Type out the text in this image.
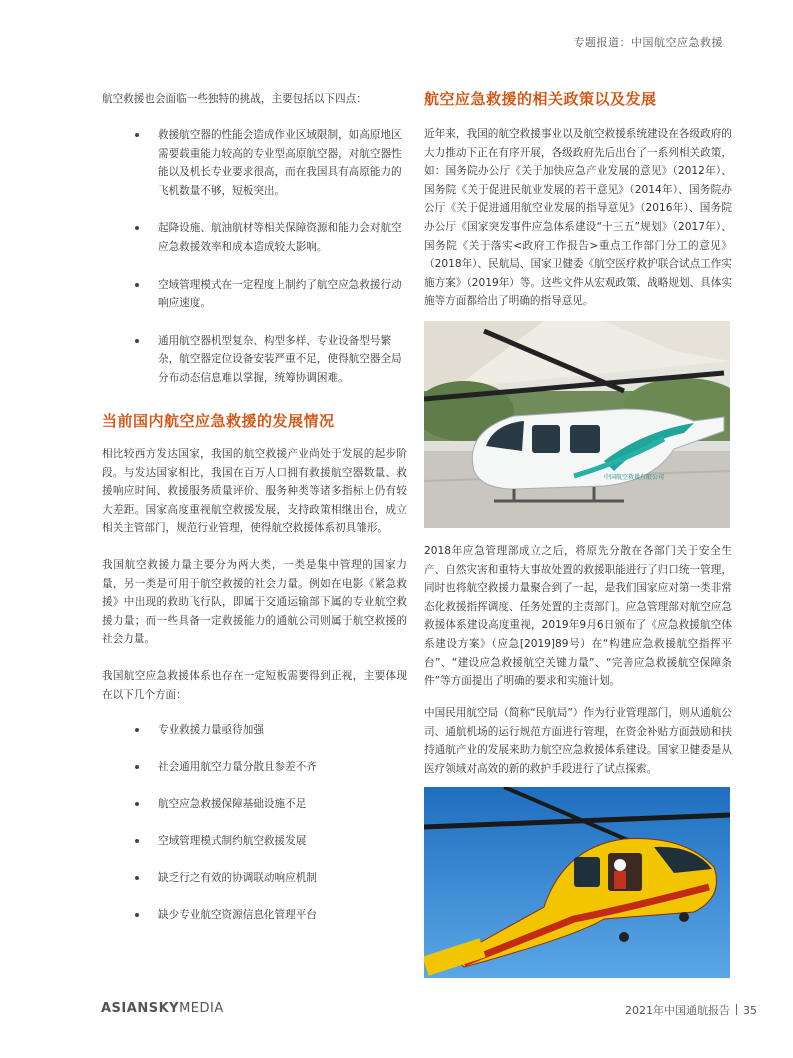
专题报道：中国航空应急救援

航空救援也会面临一些独特的挑战，主要包括以下四点：

救援航空器的性能会造成作业区域限制，如高原地区需要载重能力较高的专业型高原航空器，对航空器性能以及机长专业要求很高，而在我国具有高原能力的飞机数量不够，短板突出。
起降设施、航油航材等相关保障资源和能力会对航空应急救援效率和成本造成较大影响。
空域管理模式在一定程度上制约了航空应急救援行动响应速度。
通用航空器机型复杂、构型多样、专业设备型号繁杂，航空器定位设备安装严重不足，使得航空器全局分布动态信息难以掌握，统筹协调困难。
当前国内航空应急救援的发展情况

相比较西方发达国家，我国的航空救援产业尚处于发展的起步阶段。与发达国家相比，我国在百万人口拥有救援航空器数量、救援响应时间、救援服务质量评价、服务种类等诸多指标上仍有较大差距。国家高度重视航空救援发展，支持政策相继出台，成立相关主管部门，规范行业管理，使得航空救援体系初具雏形。

我国航空救援力量主要分为两大类，一类是集中管理的国家力量，另一类是可用于航空救援的社会力量。例如在电影《紧急救援》中出现的救助飞行队，即属于交通运输部下属的专业航空救援力量；而一些具备一定救援能力的通航公司则属于航空救援的社会力量。

我国航空应急救援体系也存在一定短板需要得到正视，主要体现在以下几个方面：

专业救援力量亟待加强
社会通用航空力量分散且参差不齐
航空应急救援保障基础设施不足
空域管理模式制约航空救援发展
缺乏行之有效的协调联动响应机制
缺少专业航空资源信息化管理平台
航空应急救援的相关政策以及发展

近年来，我国的航空救援事业以及航空救援系统建设在各级政府的大力推动下正在有序开展，各级政府先后出台了一系列相关政策，如：国务院办公厅《关于加快应急产业发展的意见》（2012年）、国务院《关于促进民航业发展的若干意见》（2014年）、国务院办公厅《关于促进通用航空业发展的指导意见》（2016年）、国务院办公厅《国家突发事件应急体系建设“十三五”规划》（2017年）、国务院《关于落实<政府工作报告>重点工作部门分工的意见》（2018年）、民航局、国家卫健委《航空医疗救护联合试点工作实施方案》（2019年）等。这些文件从宏观政策、战略规划、具体实施等方面都给出了明确的指导意见。

中国航空救援有限公司

2018年应急管理部成立之后，将原先分散在各部门关于安全生产、自然灾害和重特大事故处置的救援职能进行了归口统一管理，同时也将航空救援力量聚合到了一起，是我们国家应对第一类非常态化救援指挥调度、任务处置的主责部门。应急管理部对航空应急救援体系建设高度重视，2019年9月6日颁布了《应急救援航空体系建设方案》（应急[2019]89号）在“构建应急救援航空指挥平台”、“建设应急救援航空关键力量”、“完善应急救援航空保障条件”等方面提出了明确的要求和实施计划。

中国民用航空局（简称“民航局”）作为行业管理部门，则从通航公司、通航机场的运行规范方面进行管理，在资金补贴方面鼓励和扶持通航产业的发展来助力航空应急救援体系建设。国家卫健委是从医疗领域对高效的新的救护手段进行了试点探索。

ASIANSKYMEDIA	2021年中国通航报告 35
